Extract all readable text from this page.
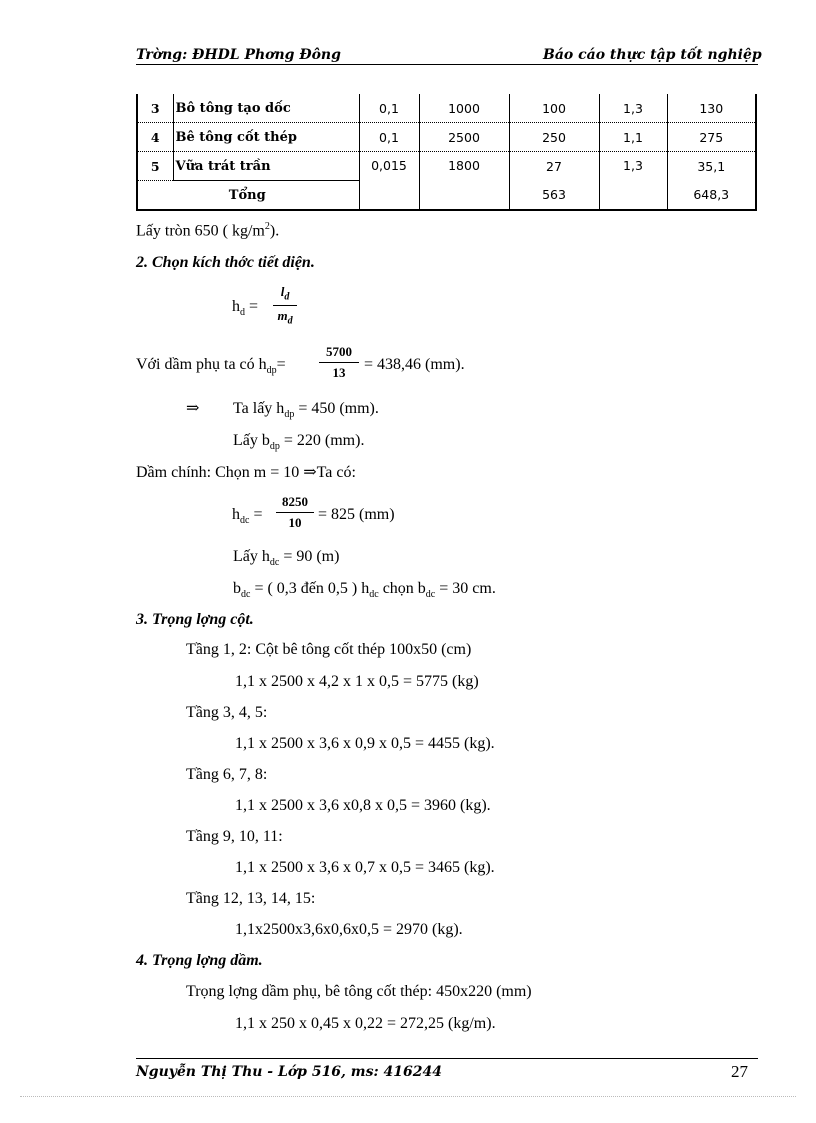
Trờng: ĐHDL Phơng Đông	Báo cáo thực tập tốt nghiệp
3	Bô tông tạo dốc	0,1	1000	100	1,3	130
4	Bê tông cốt thép	0,1	2500	250	1,1	275
5	Vữa trát trần	0,015	1800	27	1,3	35,1
Tổng				563		648,3
Lấy tròn 650 ( $kg/m^2$).
2. Chọn kích thớc tiết diện.
$h_d$ =
$l_d$
$m_d$
Với dầm phụ ta có $h_{dp}=$
5700
13	= 438,46 (mm).
⇒ Ta lấy $h_{dp} = 450$ (mm).
Lấy $b_{dp} = 220$ (mm).
Dầm chính: Chọn m = 10 ⇒Ta có:
$h_{dc}$ =
8250
10	= 825 (mm)
Lấy $h_{dc} = 90$ (m)
$b_{dc}$ = ( 0,3 đến 0,5 ) $h_{dc}$ chọn $b_{dc} = 30$ cm.
3. Trọng lợng cột.
Tầng 1, 2: Cột bê tông cốt thép 100x50 (cm)
1,1 x 2500 x 4,2 x 1 x 0,5 = 5775 (kg)
Tầng 3, 4, 5:
1,1 x 2500 x 3,6 x 0,9 x 0,5 = 4455 (kg).
Tầng 6, 7, 8:
1,1 x 2500 x 3,6 x0,8 x 0,5 = 3960 (kg).
Tầng 9, 10, 11:
1,1 x 2500 x 3,6 x 0,7 x 0,5 = 3465 (kg).
Tầng 12, 13, 14, 15:
1,1x2500x3,6x0,6x0,5 = 2970 (kg).
4. Trọng lợng dầm.
Trọng lợng dầm phụ, bê tông cốt thép: 450x220 (mm)
1,1 x 250 x 0,45 x 0,22 = 272,25 (kg/m).
Nguyễn Thị Thu - Lớp 516, ms: 416244	27
